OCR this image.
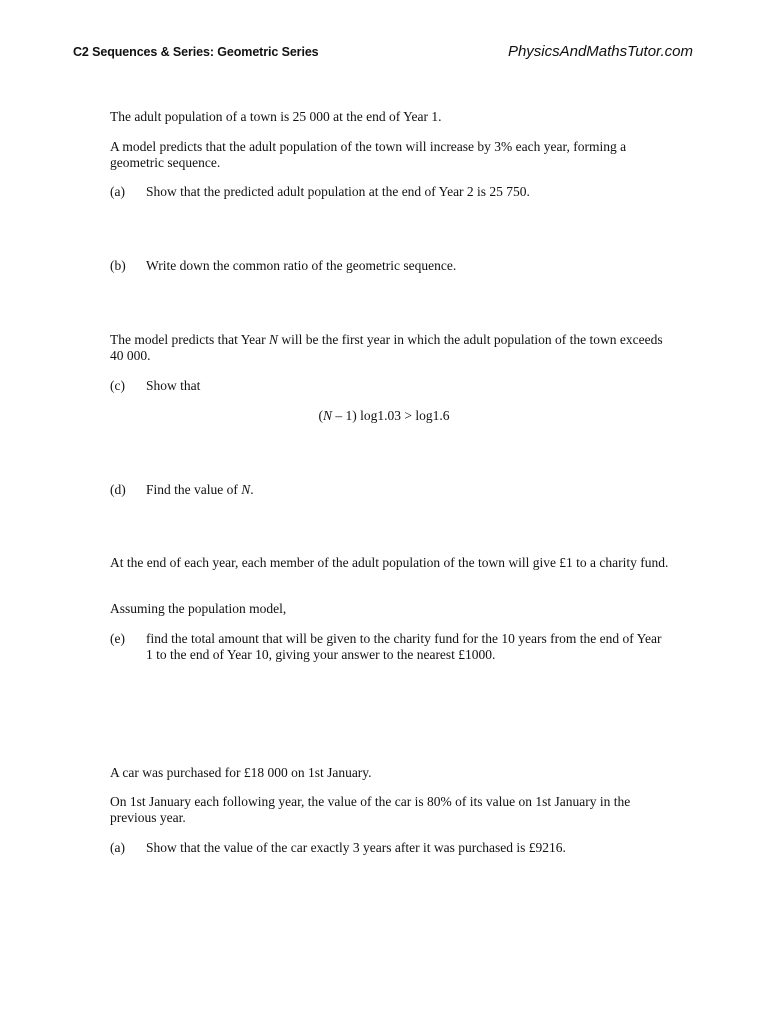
C2 Sequences & Series: Geometric Series	PhysicsAndMathsTutor.com

The adult population of a town is 25 000 at the end of Year 1.

A model predicts that the adult population of the town will increase by 3% each year, forming a geometric sequence.

(a) Show that the predicted adult population at the end of Year 2 is 25 750.
(b) Write down the common ratio of the geometric sequence.

The model predicts that Year N will be the first year in which the adult population of the town exceeds 40 000.

(c) Show that
(N – 1) log1.03 > log1.6
(d) Find the value of N.

At the end of each year, each member of the adult population of the town will give £1 to a charity fund.

Assuming the population model,

(e) find the total amount that will be given to the charity fund for the 10 years from the end of Year 1 to the end of Year 10, giving your answer to the nearest £1000.

A car was purchased for £18 000 on 1st January.

On 1st January each following year, the value of the car is 80% of its value on 1st January in the previous year.

(a) Show that the value of the car exactly 3 years after it was purchased is £9216.
